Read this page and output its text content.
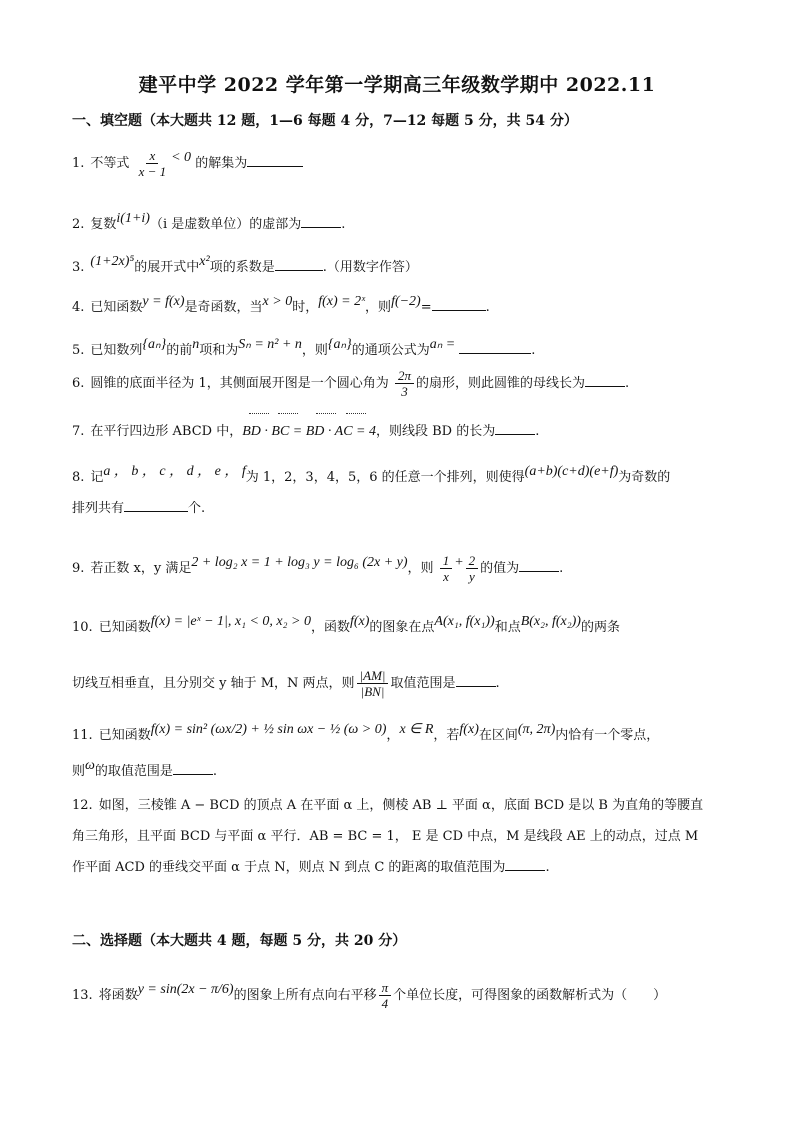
建平中学 2022 学年第一学期高三年级数学期中 2022.11
一、填空题（本大题共 12 题，1—6 每题 4 分，7—12 每题 5 分，共 54 分）
1. 不等式 $\frac{x}{x - 1} < 0$ 的解集为
2. 复数i(1+i)（i 是虚数单位）的虚部为	.
3. (1+2x)⁵的展开式中x²项的系数是	.（用数字作答）
4. 已知函数y = f(x)是奇函数，当x > 0时，f(x) = 2ˣ，则f(−2)=	.
5. 已知数列{aₙ}的前n项和为Sₙ = n² + n，则{aₙ}的通项公式为aₙ =	.
6. 圆锥的底面半径为 1，其侧面展开图是一个圆心角为 $\frac{2\pi}{3}$ 的扇形，则此圆锥的母线长为	.
7. 在平行四边形 ABCD 中，BD · BC = BD · AC = 4，则线段 BD 的长为	.
8. 记a ， b ， c ， d ， e ， f为 1，2，3，4，5，6 的任意一个排列，则使得(a+b)(c+d)(e+f)为奇数的
排列共有	个.
9. 若正数 x，y 满足2 + log₂ x = 1 + log₃ y = log₆ (2x + y)，则 $\frac{1}{x} + \frac{2}{y}$ 的值为	.
10. 已知函数f(x) = |eˣ − 1|, x₁ < 0, x₂ > 0，函数f(x)的图象在点A(x₁, f(x₁))和点B(x₂, f(x₂))的两条
切线互相垂直，且分别交 y 轴于 M，N 两点，则 $\frac{|AM|}{|BN|}$ 取值范围是	.
11. 已知函数f(x) = sin² (ωx/2) + ½ sin ωx − ½ (ω > 0)，x ∈ R，若f(x)在区间(π, 2π)内恰有一个零点，
则ω的取值范围是	.
12. 如图，三棱锥 A − BCD 的顶点 A 在平面 α 上，侧棱 AB ⊥ 平面 α，底面 BCD 是以 B 为直角的等腰直
角三角形，且平面 BCD 与平面 α 平行．AB = BC = 1， E 是 CD 中点，M 是线段 AE 上的动点，过点 M
作平面 ACD 的垂线交平面 α 于点 N，则点 N 到点 C 的距离的取值范围为	.
二、选择题（本大题共 4 题，每题 5 分，共 20 分）
13. 将函数y = sin(2x − π/6)的图象上所有点向右平移 $\frac{\pi}{4}$ 个单位长度，可得图象的函数解析式为（　　）
